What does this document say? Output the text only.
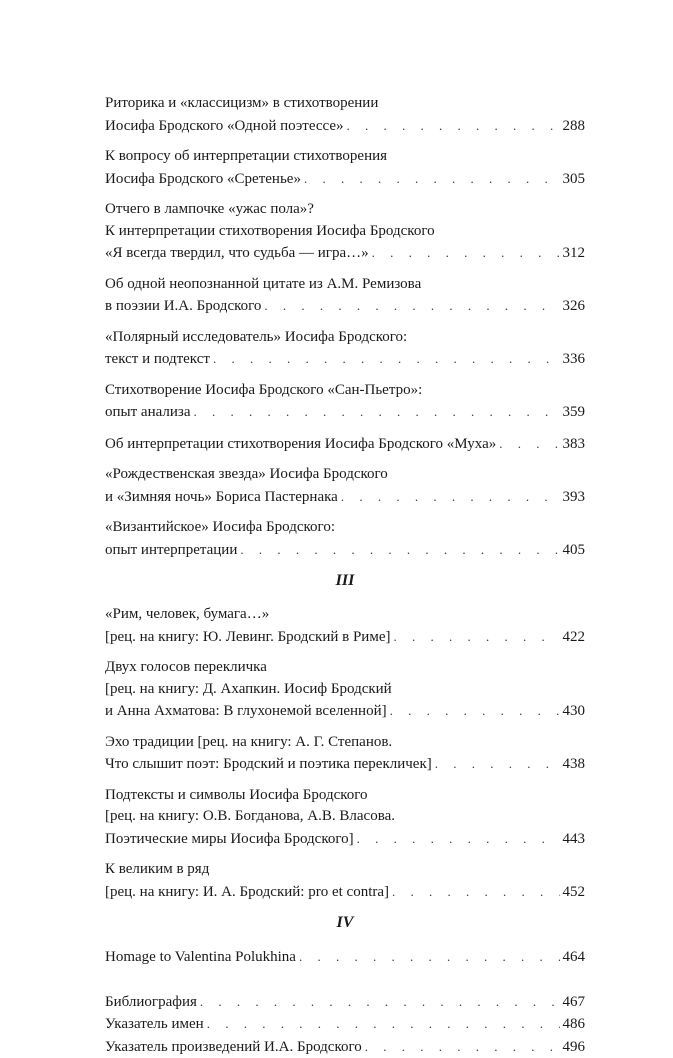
Риторика и «классицизм» в стихотворении
Иосифа Бродского «Одной поэтессе» . . .	288
К вопросу об интерпретации стихотворения
Иосифа Бродского «Сретенье» . . .	305
Отчего в лампочке «ужас пола»?
К интерпретации стихотворения Иосифа Бродского
«Я всегда твердил, что судьба — игра…» . . .	312
Об одной неопознанной цитате из А.М. Ремизова
в поэзии И.А. Бродского . . .	326
«Полярный исследователь» Иосифа Бродского:
текст и подтекст . . .	336
Стихотворение Иосифа Бродского «Сан-Пьетро»:
опыт анализа . . .	359
Об интерпретации стихотворения Иосифа Бродского «Муха» . . .	383
«Рождественская звезда» Иосифа Бродского
и «Зимняя ночь» Бориса Пастернака . . .	393
«Византийское» Иосифа Бродского:
опыт интерпретации . . .	405
III
«Рим, человек, бумага…»
[рец. на книгу: Ю. Левинг. Бродский в Риме] . . .	422
Двух голосов перекличка
[рец. на книгу: Д. Ахапкин. Иосиф Бродский
и Анна Ахматова: В глухонемой вселенной] . . .	430
Эхо традиции [рец. на книгу: А. Г. Степанов.
Что слышит поэт: Бродский и поэтика перекличек] . . .	438
Подтексты и символы Иосифа Бродского
[рец. на книгу: О.В. Богданова, А.В. Власова.
Поэтические миры Иосифа Бродского] . . .	443
К великим в ряд
[рец. на книгу: И. А. Бродский: pro et contra] . . .	452
IV
Homage to Valentina Polukhina . . .	464
Библиография . . .	467
Указатель имен . . .	486
Указатель произведений И.А. Бродского . . .	496
